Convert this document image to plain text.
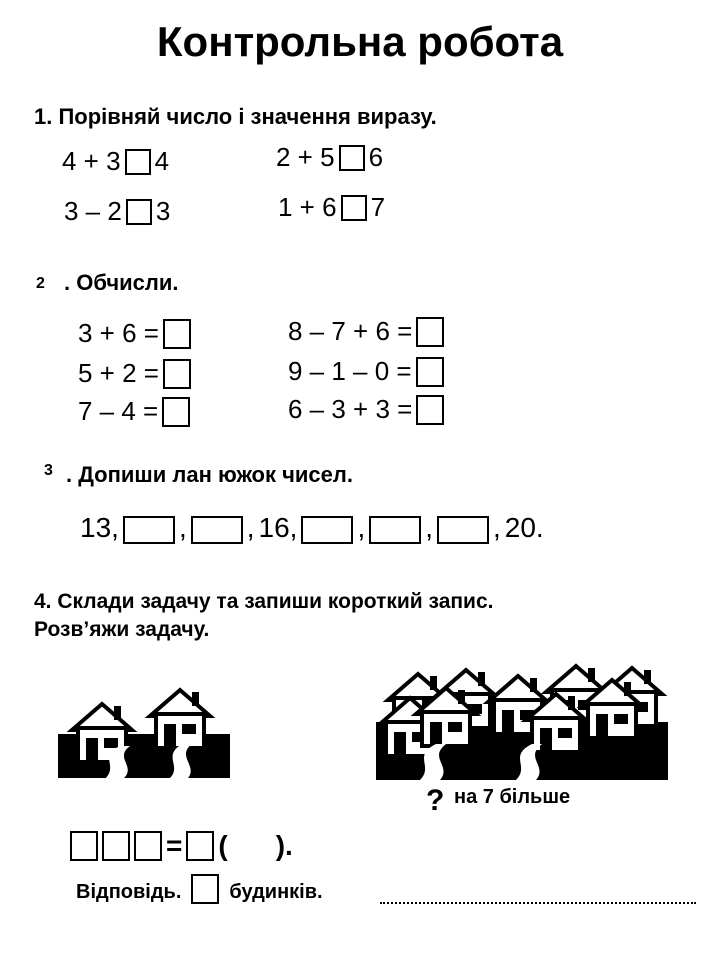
Контрольна робота
1. Порівняй число і значення виразу.
4 + 3 4	2 + 5 6
3 – 2 3	1 + 6 7
2 . Обчисли.
3 + 6 =	8 – 7 + 6 =
5 + 2 =	9 – 1 – 0 =
7 – 4 =	6 – 3 + 3 =
3 . Допиши лан южок чисел.
13, , , 16, , , , 20.
4. Склади задачу та запиши короткий запис.
Розв’яжи задачу.
? на 7 більше
= ( ).
Відповідь. будинків.
